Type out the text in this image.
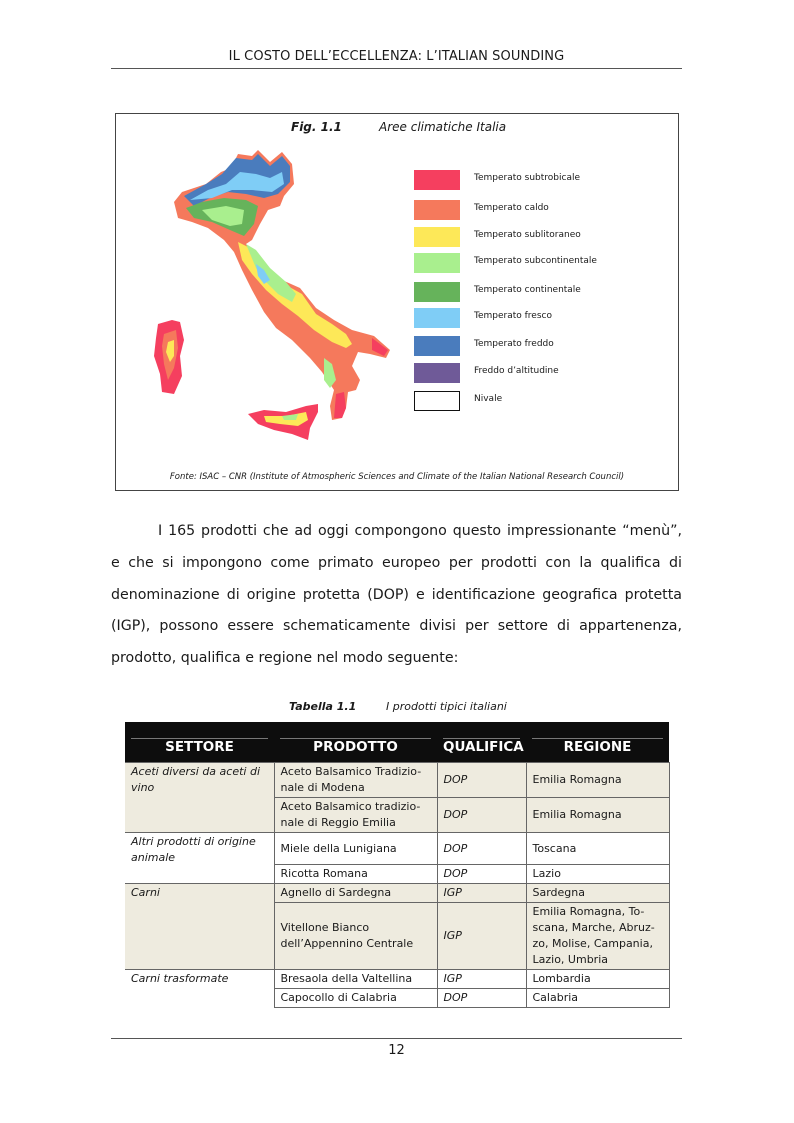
IL COSTO DELL’ECCELLENZA: L’ITALIAN SOUNDING
Fig. 1.1	Aree climatiche Italia
Temperato subtrobicale
Temperato caldo
Temperato sublitoraneo
Temperato subcontinentale
Temperato continentale
Temperato fresco
Temperato freddo
Freddo d’altitudine
Nivale
Fonte: ISAC – CNR (Institute of Atmospheric Sciences and Climate of the Italian National Research Council)

I 165 prodotti che ad oggi compongono questo impressionante “menù”, e che si impongono come primato europeo per prodotti con la qualifica di denominazione di origine protetta (DOP) e identificazione geografica protetta (IGP), possono essere schematicamente divisi per settore di appartenenza, prodotto, qualifica e regione nel modo seguente:

Tabella 1.1	I prodotti tipici italiani
SETTORE	PRODOTTO	QUALIFICA	REGIONE

Aceti diversi da aceti di vino	Aceto Balsamico Tradizio-nale di Modena	DOP	Emilia Romagna
	Aceto Balsamico tradizio-nale di Reggio Emilia	DOP	Emilia Romagna
Altri prodotti di origine animale	Miele della Lunigiana	DOP	Toscana
	Ricotta Romana	DOP	Lazio
Carni	Agnello di Sardegna	IGP	Sardegna
	Vitellone Bianco dell’Appennino Centrale	IGP	Emilia Romagna, To-scana, Marche, Abruz-zo, Molise, Campania, Lazio, Umbria
Carni trasformate	Bresaola della Valtellina	IGP	Lombardia
	Capocollo di Calabria	DOP	Calabria
12
